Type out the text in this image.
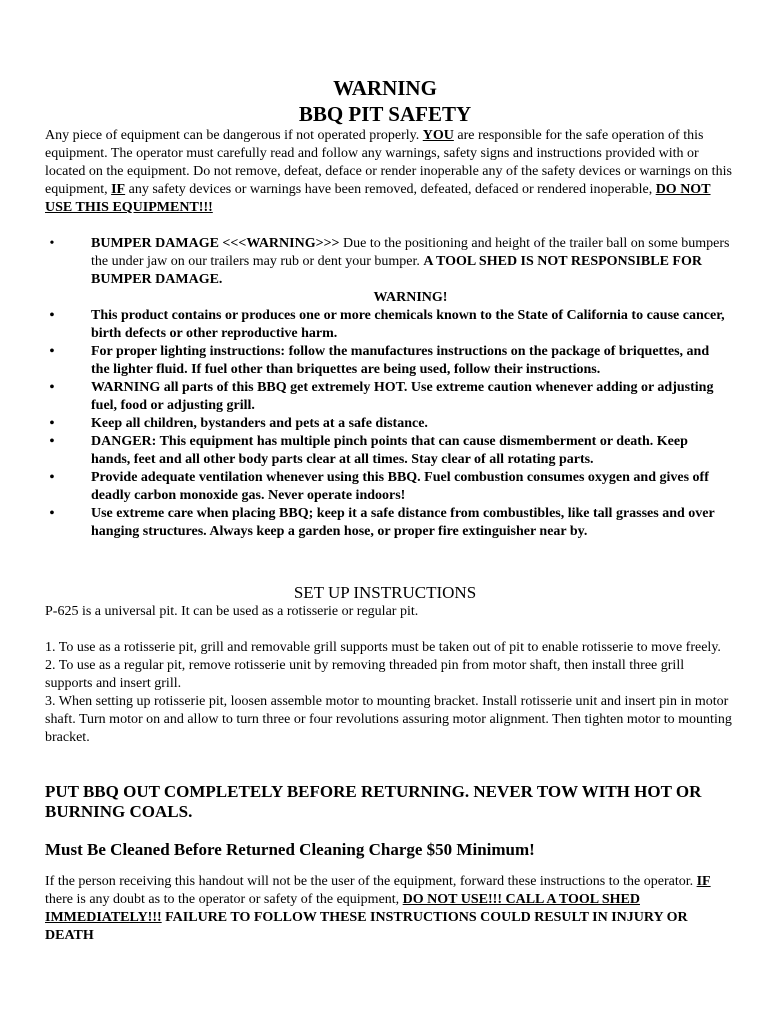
WARNING
BBQ PIT SAFETY
Any piece of equipment can be dangerous if not operated properly. YOU are responsible for the safe operation of this equipment. The operator must carefully read and follow any warnings, safety signs and instructions provided with or located on the equipment. Do not remove, defeat, deface or render inoperable any of the safety devices or warnings on this equipment, IF any safety devices or warnings have been removed, defeated, defaced or rendered inoperable, DO NOT USE THIS EQUIPMENT!!!
•	BUMPER DAMAGE <<<WARNING>>> Due to the positioning and height of the trailer ball on some bumpers the under jaw on our trailers may rub or dent your bumper. A TOOL SHED IS NOT RESPONSIBLE FOR BUMPER DAMAGE.
WARNING!
•	This product contains or produces one or more chemicals known to the State of California to cause cancer, birth defects or other reproductive harm.
•	For proper lighting instructions: follow the manufactures instructions on the package of briquettes, and the lighter fluid. If fuel other than briquettes are being used, follow their instructions.
•	WARNING all parts of this BBQ get extremely HOT. Use extreme caution whenever adding or adjusting fuel, food or adjusting grill.
•	Keep all children, bystanders and pets at a safe distance.
•	DANGER: This equipment has multiple pinch points that can cause dismemberment or death. Keep hands, feet and all other body parts clear at all times. Stay clear of all rotating parts.
•	Provide adequate ventilation whenever using this BBQ. Fuel combustion consumes oxygen and gives off deadly carbon monoxide gas. Never operate indoors!
•	Use extreme care when placing BBQ; keep it a safe distance from combustibles, like tall grasses and over hanging structures. Always keep a garden hose, or proper fire extinguisher near by.
SET UP INSTRUCTIONS
P-625 is a universal pit. It can be used as a rotisserie or regular pit.
1. To use as a rotisserie pit, grill and removable grill supports must be taken out of pit to enable rotisserie to move freely.
2. To use as a regular pit, remove rotisserie unit by removing threaded pin from motor shaft, then install three grill supports and insert grill.
3. When setting up rotisserie pit, loosen assemble motor to mounting bracket. Install rotisserie unit and insert pin in motor shaft. Turn motor on and allow to turn three or four revolutions assuring motor alignment. Then tighten motor to mounting bracket.
PUT BBQ OUT COMPLETELY BEFORE RETURNING. NEVER TOW WITH HOT OR BURNING COALS.
Must Be Cleaned Before Returned Cleaning Charge $50 Minimum!
If the person receiving this handout will not be the user of the equipment, forward these instructions to the operator. IF there is any doubt as to the operator or safety of the equipment, DO NOT USE!!! CALL A TOOL SHED IMMEDIATELY!!! FAILURE TO FOLLOW THESE INSTRUCTIONS COULD RESULT IN INJURY OR DEATH
